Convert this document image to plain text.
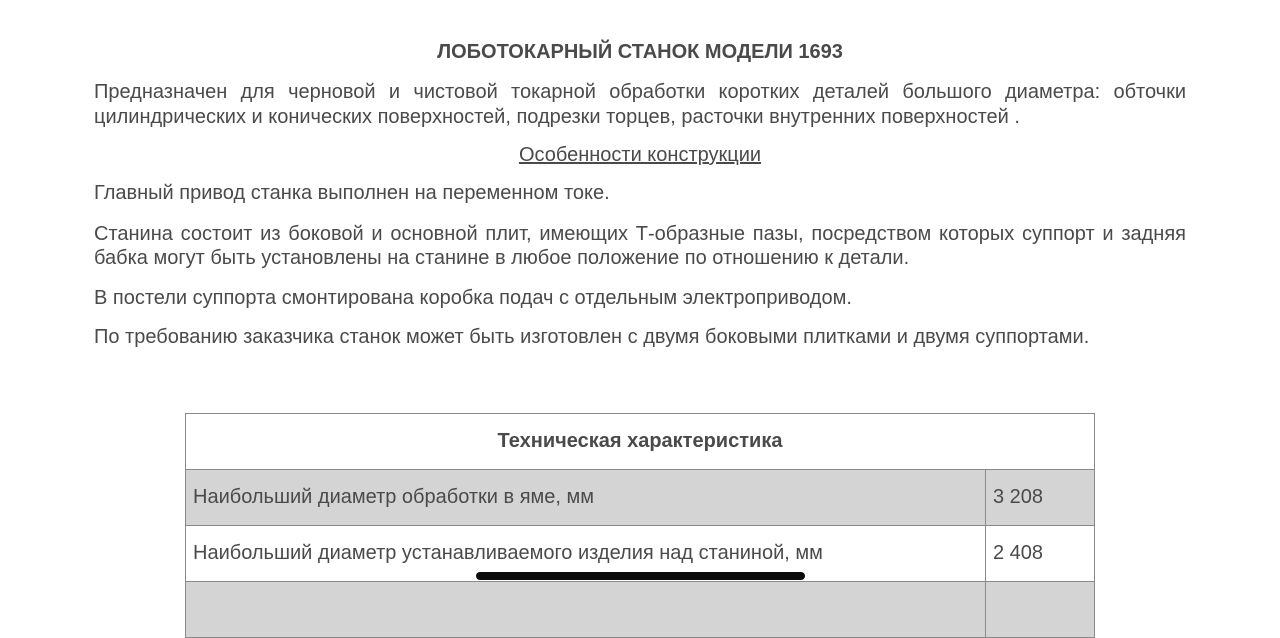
ЛОБОТОКАРНЫЙ СТАНОК МОДЕЛИ 1693

Предназначен для черновой и чистовой токарной обработки коротких деталей большого диаметра: обточки цилиндрических и конических поверхностей, подрезки торцев, расточки внутренних поверхностей .

Особенности конструкции

Главный привод станка выполнен на переменном токе.

Станина состоит из боковой и основной плит, имеющих Т-образные пазы, посредством которых суппорт и задняя бабка могут быть установлены на станине в любое положение по отношению к детали.

В постели суппорта смонтирована коробка подач с отдельным электроприводом.

По требованию заказчика станок может быть изготовлен с двумя боковыми плитками и двумя суппортами.

Техническая характеристика	
Наибольший диаметр обработки в яме, мм	3 208
Наибольший диаметр устанавливаемого изделия над станиной, мм	2 408
